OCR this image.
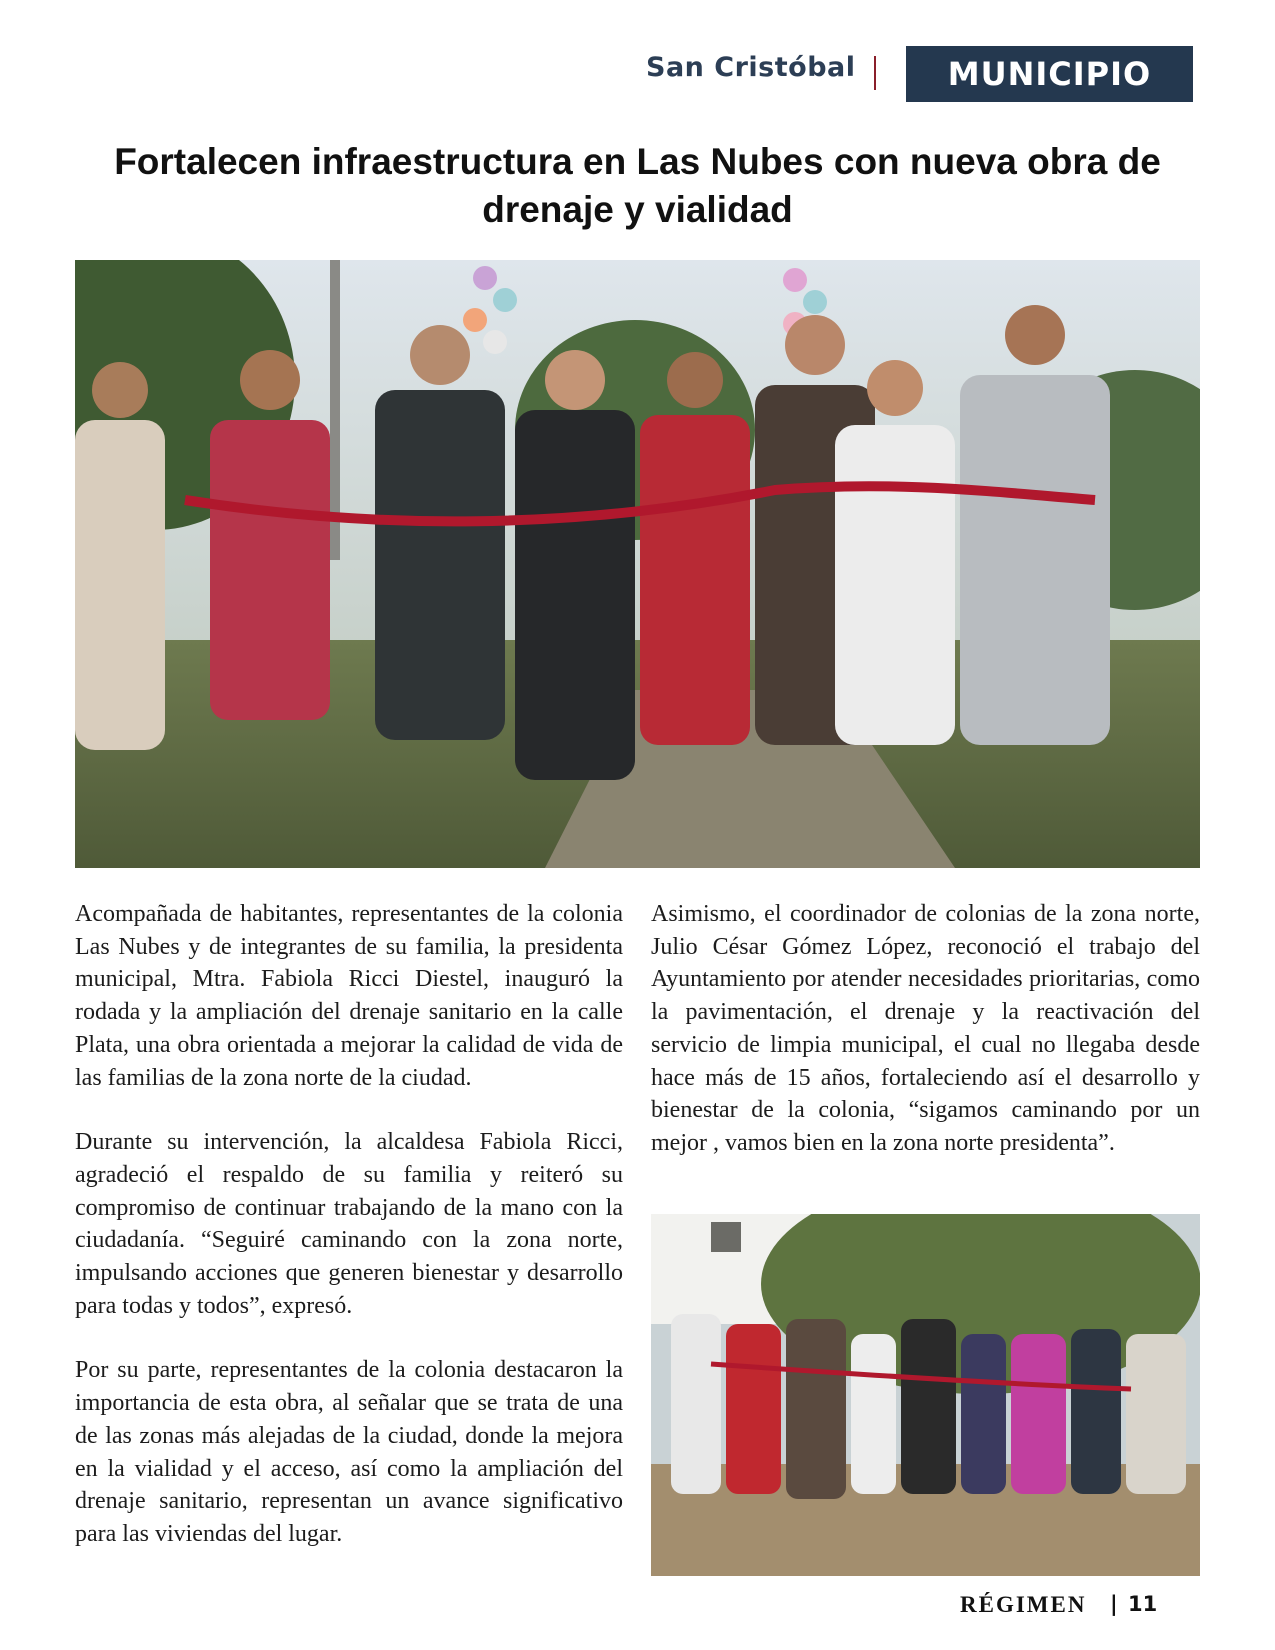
San Cristóbal	MUNICIPIO
Fortalecen infraestructura en Las Nubes con nueva obra de drenaje y vialidad

Acompañada de habitantes, representantes de la colonia Las Nubes y de integrantes de su familia, la presidenta municipal, Mtra. Fabiola Ricci Diestel, inauguró la rodada y la ampliación del drenaje sanitario en la calle Plata, una obra orientada a mejorar la calidad de vida de las familias de la zona norte de la ciudad.

Durante su intervención, la alcaldesa Fabiola Ricci, agradeció el respaldo de su familia y reiteró su compromiso de continuar trabajando de la mano con la ciudadanía. “Seguiré caminando con la zona norte, impulsando acciones que generen bienestar y desarrollo para todas y todos”, expresó.

Por su parte, representantes de la colonia destacaron la importancia de esta obra, al señalar que se trata de una de las zonas más alejadas de la ciudad, donde la mejora en la vialidad y el acceso, así como la ampliación del drenaje sanitario, representan un avance significativo para las viviendas del lugar.

Asimismo, el coordinador de colonias de la zona norte, Julio César Gómez López, reconoció el trabajo del Ayuntamiento por atender necesidades prioritarias, como la pavimentación, el drenaje y la reactivación del servicio de limpia municipal, el cual no llegaba desde hace más de 15 años, fortaleciendo así el desarrollo y bienestar de la colonia, “sigamos caminando por un mejor , vamos bien en la zona norte presidenta”.

RÉGIMEN | 11
